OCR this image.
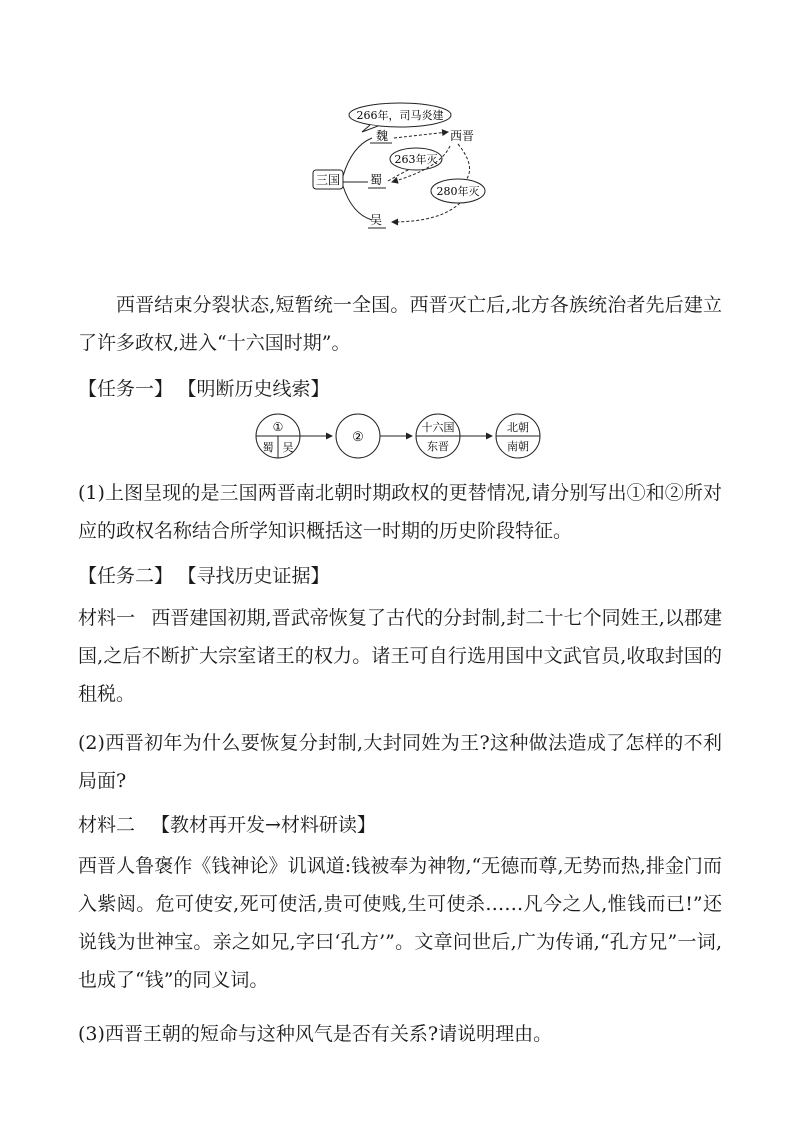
266年，司马炎建
三国
魏	西晋
263年灭
蜀
280年灭
吴
西晋结束分裂状态,短暂统一全国。西晋灭亡后,北方各族统治者先后建立了许多政权,进入“十六国时期”。
【任务一】 【明断历史线索】
①
蜀 吴
②
十六国
东晋
北朝
南朝
(1)上图呈现的是三国两晋南北朝时期政权的更替情况,请分别写出①和②所对应的政权名称结合所学知识概括这一时期的历史阶段特征。
【任务二】 【寻找历史证据】
材料一 西晋建国初期,晋武帝恢复了古代的分封制,封二十七个同姓王,以郡建国,之后不断扩大宗室诸王的权力。诸王可自行选用国中文武官员,收取封国的租税。
(2)西晋初年为什么要恢复分封制,大封同姓为王?这种做法造成了怎样的不利局面?
材料二 【教材再开发→材料研读】
西晋人鲁褒作《钱神论》讥讽道:钱被奉为神物,“无德而尊,无势而热,排金门而入紫闼。危可使安,死可使活,贵可使贱,生可使杀……凡今之人,惟钱而已!”还说钱为世神宝。亲之如兄,字曰‘孔方’”。文章问世后,广为传诵,“孔方兄”一词,也成了“钱”的同义词。
(3)西晋王朝的短命与这种风气是否有关系?请说明理由。
